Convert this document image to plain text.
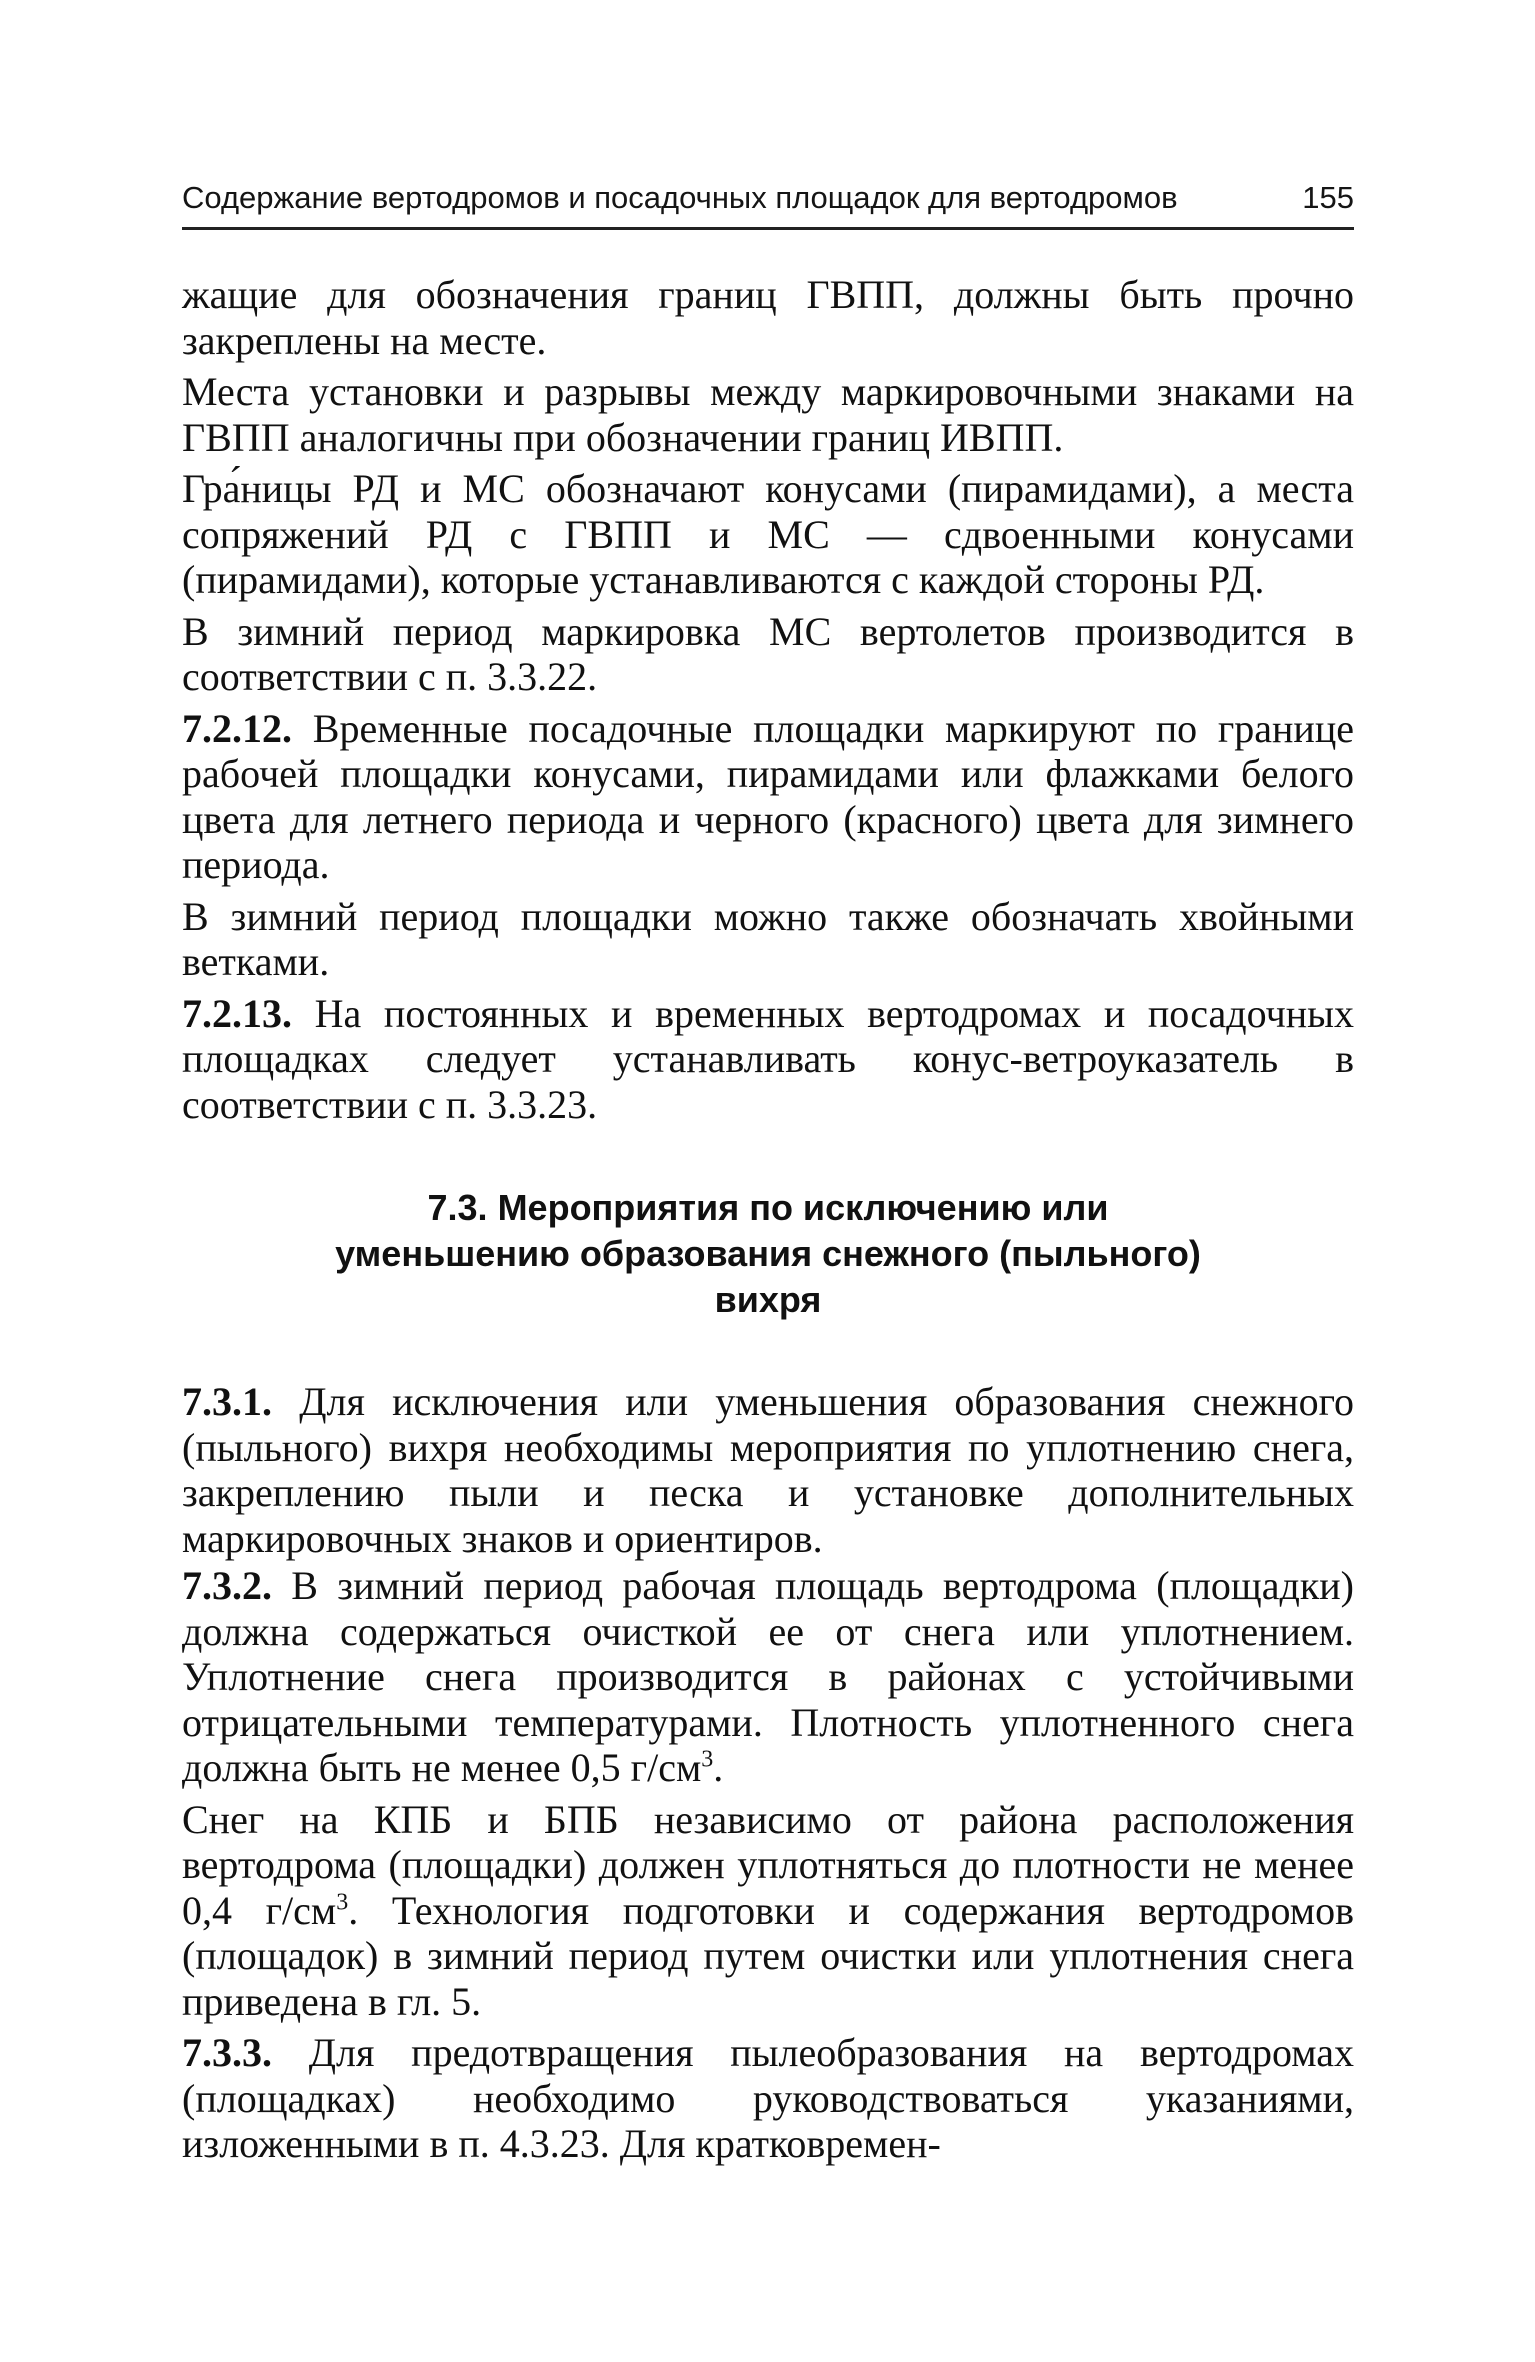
Содержание вертодромов и посадочных площадок для вертодромов	155

жащие для обозначения границ ГВПП, должны быть прочно закреплены на месте.

Места установки и разрывы между маркировочными знаками на ГВПП аналогичны при обозначении границ ИВПП.

Гра́ницы РД и МС обозначают конусами (пирамидами), а места сопряжений РД с ГВПП и МС — сдвоенными конусами (пирамидами), которые устанавливаются с каждой стороны РД.

В зимний период маркировка МС вертолетов производится в соответствии с п. 3.3.22.

7.2.12. Временные посадочные площадки маркируют по границе рабочей площадки конусами, пирамидами или флажками белого цвета для летнего периода и черного (красного) цвета для зимнего периода.

В зимний период площадки можно также обозначать хвойными ветками.

7.2.13. На постоянных и временных вертодромах и посадочных площадках следует устанавливать конус-ветроуказатель в соответствии с п. 3.3.23.

7.3. Мероприятия по исключению или
уменьшению образования снежного (пыльного)
вихря

7.3.1. Для исключения или уменьшения образования снежного (пыльного) вихря необходимы мероприятия по уплотнению снега, закреплению пыли и песка и установке дополнительных маркировочных знаков и ориентиров.

7.3.2. В зимний период рабочая площадь вертодрома (площадки) должна содержаться очисткой ее от снега или уплотнением. Уплотнение снега производится в районах с устойчивыми отрицательными температурами. Плотность уплотненного снега должна быть не менее 0,5 $г/см^3$.

Снег на КПБ и БПБ независимо от района расположения вертодрома (площадки) должен уплотняться до плотности не менее 0,4 $г/см^3$. Технология подготовки и содержания вертодромов (площадок) в зимний период путем очистки или уплотнения снега приведена в гл. 5.

7.3.3. Для предотвращения пылеобразования на вертодромах (площадках) необходимо руководствоваться указаниями, изложенными в п. 4.3.23. Для кратковремен-
